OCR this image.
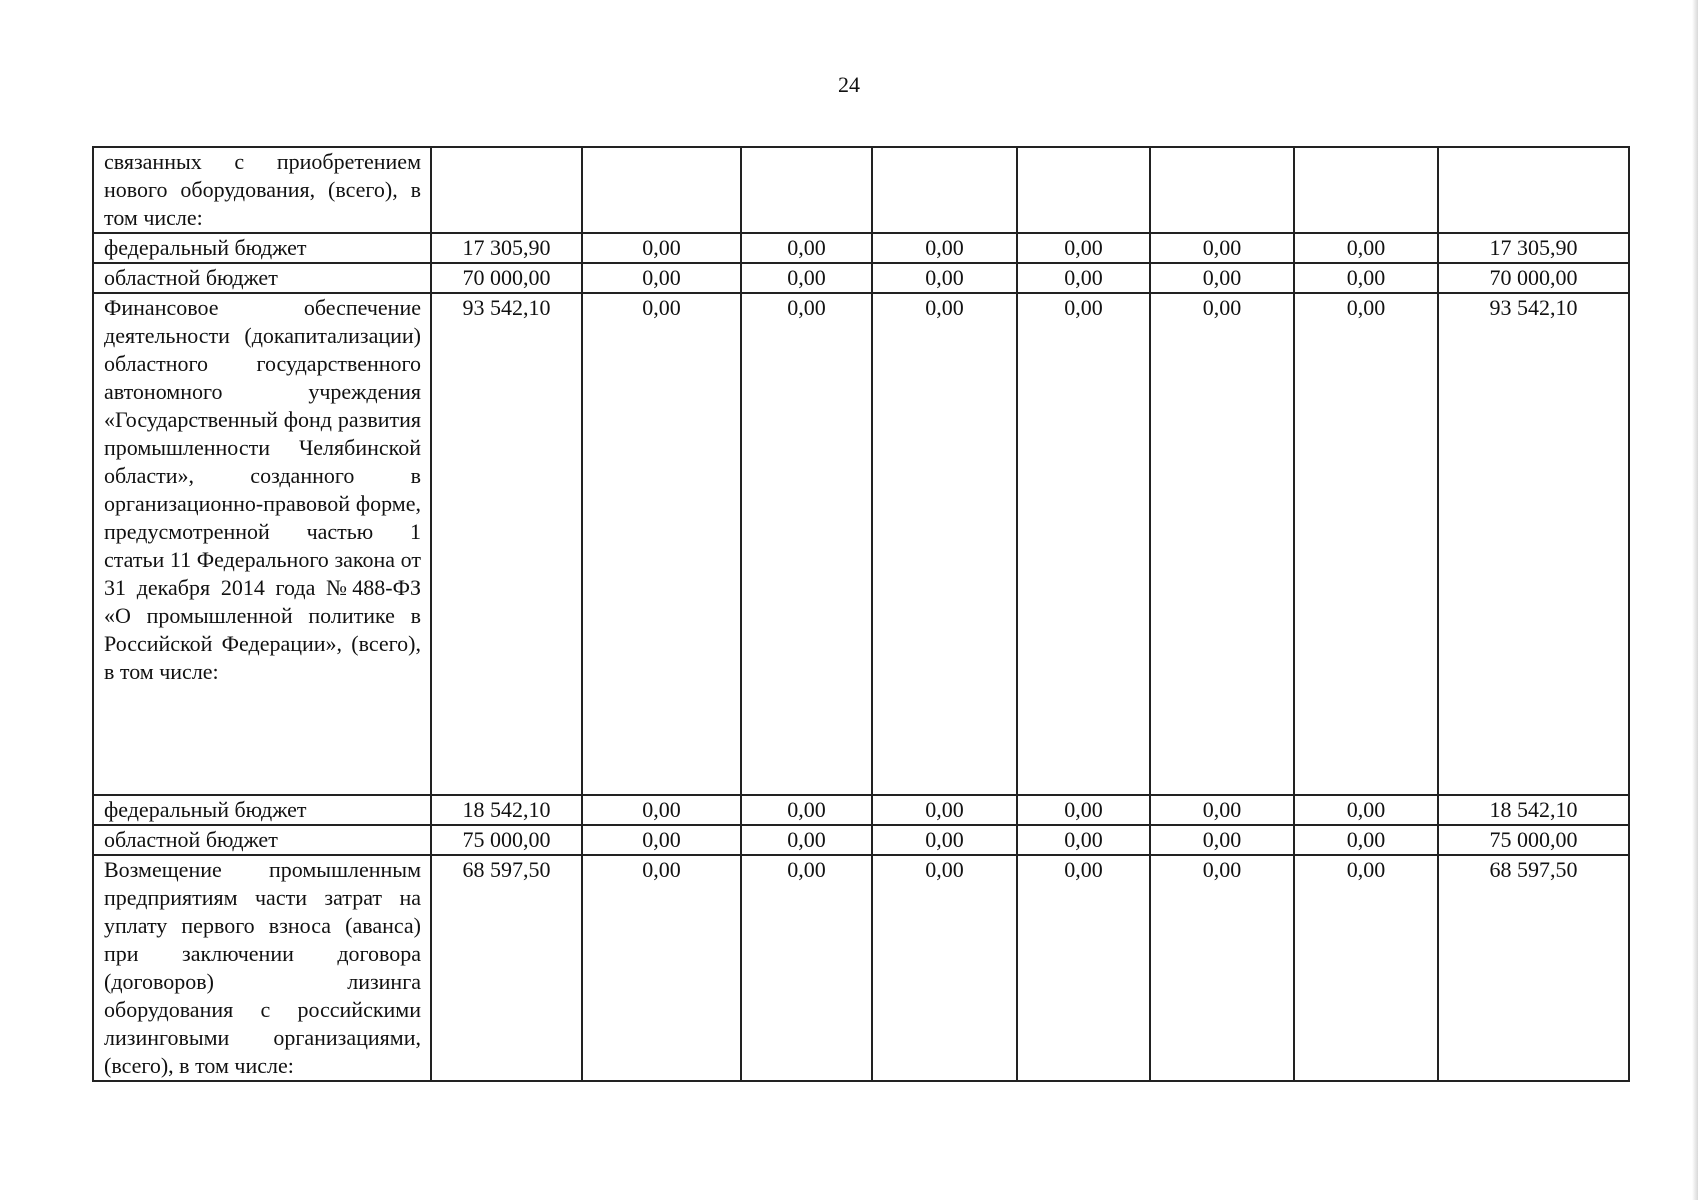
24
связанных с приобретением нового оборудования, (всего), в том числе:								
федеральный бюджет	17 305,90	0,00	0,00	0,00	0,00	0,00	0,00	17 305,90
областной бюджет	70 000,00	0,00	0,00	0,00	0,00	0,00	0,00	70 000,00
Финансовое обеспечение деятельности (докапитализации) областного государственного автономного учреждения «Государственный фонд развития промышленности Челябинской области», созданного в организационно-правовой форме, предусмотренной частью 1 статьи 11 Федерального закона от 31 декабря 2014 года №488-ФЗ «О промышленной политике в Российской Федерации», (всего), в том числе:	93 542,10	0,00	0,00	0,00	0,00	0,00	0,00	93 542,10
федеральный бюджет	18 542,10	0,00	0,00	0,00	0,00	0,00	0,00	18 542,10
областной бюджет	75 000,00	0,00	0,00	0,00	0,00	0,00	0,00	75 000,00
Возмещение промышленным предприятиям части затрат на уплату первого взноса (аванса) при заключении договора (договоров) лизинга оборудования с российскими лизинговыми организациями, (всего), в том числе:	68 597,50	0,00	0,00	0,00	0,00	0,00	0,00	68 597,50
